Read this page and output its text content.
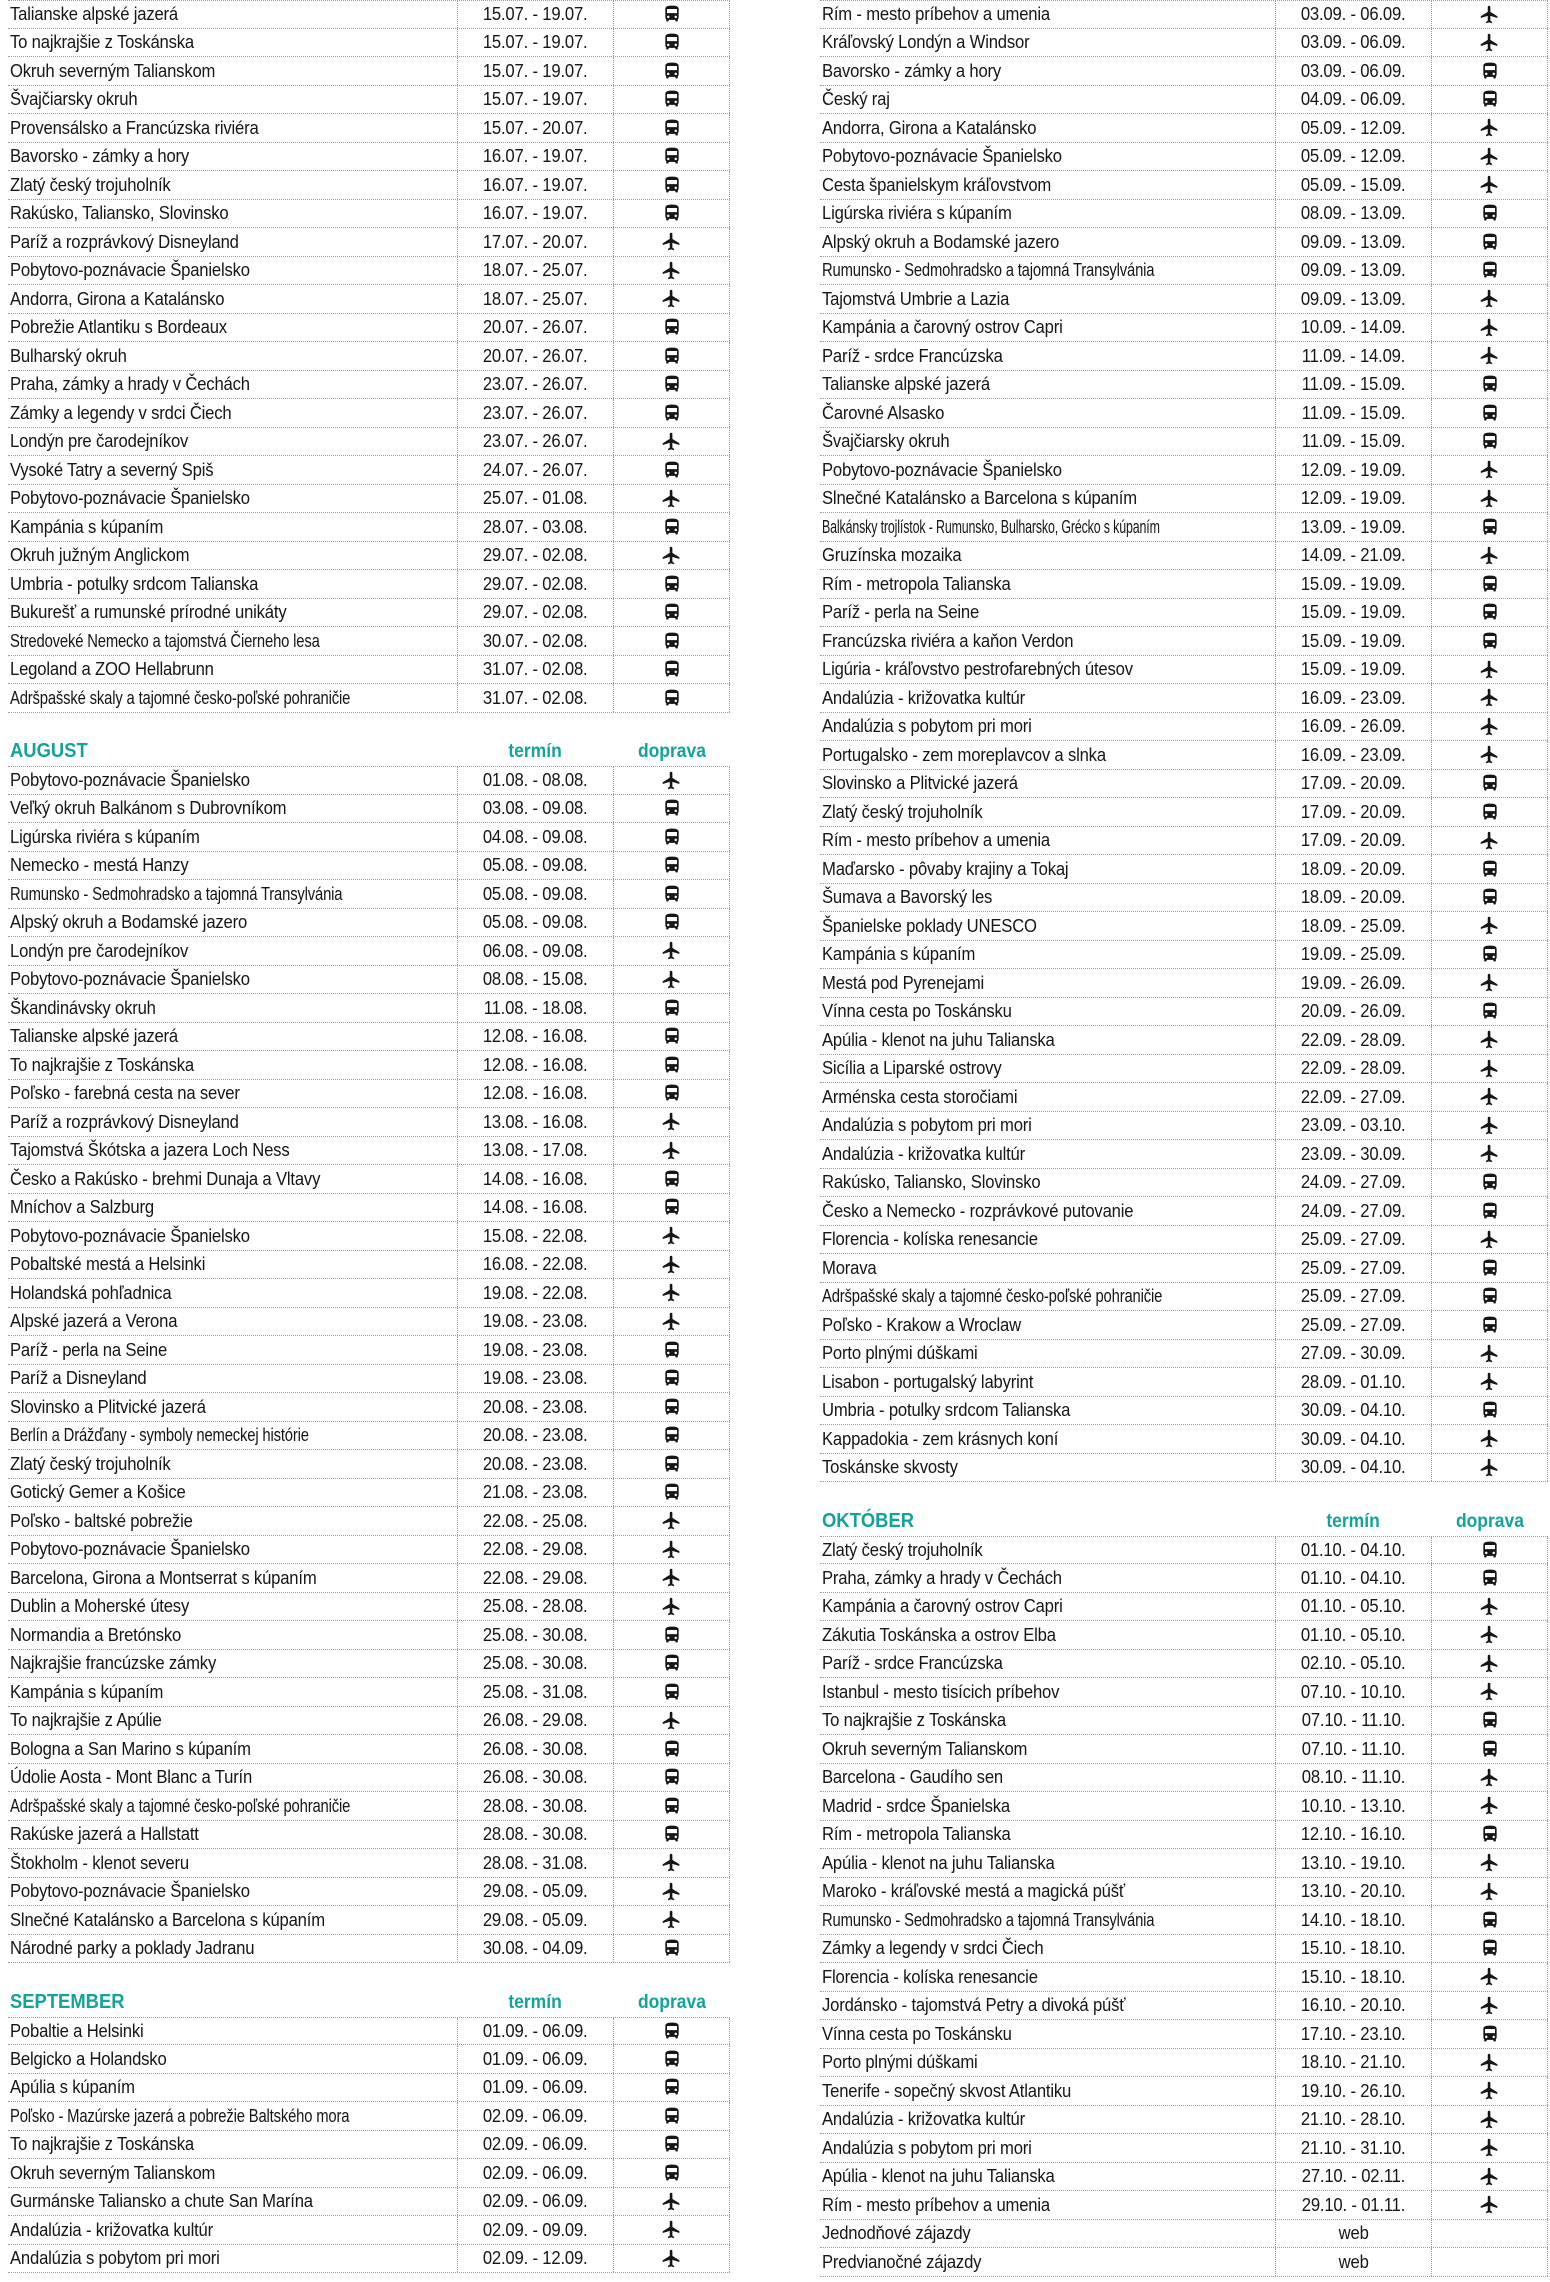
Talianske alpské jazerá	15.07. - 19.07.
To najkrajšie z Toskánska	15.07. - 19.07.
Okruh severným Talianskom	15.07. - 19.07.
Švajčiarsky okruh	15.07. - 19.07.
Provensálsko a Francúzska riviéra	15.07. - 20.07.
Bavorsko - zámky a hory	16.07. - 19.07.
Zlatý český trojuholník	16.07. - 19.07.
Rakúsko, Taliansko, Slovinsko	16.07. - 19.07.
Paríž a rozprávkový Disneyland	17.07. - 20.07.
Pobytovo-poznávacie Španielsko	18.07. - 25.07.
Andorra, Girona a Katalánsko	18.07. - 25.07.
Pobrežie Atlantiku s Bordeaux	20.07. - 26.07.
Bulharský okruh	20.07. - 26.07.
Praha, zámky a hrady v Čechách	23.07. - 26.07.
Zámky a legendy v srdci Čiech	23.07. - 26.07.
Londýn pre čarodejníkov	23.07. - 26.07.
Vysoké Tatry a severný Spiš	24.07. - 26.07.
Pobytovo-poznávacie Španielsko	25.07. - 01.08.
Kampánia s kúpaním	28.07. - 03.08.
Okruh južným Anglickom	29.07. - 02.08.
Umbria - potulky srdcom Talianska	29.07. - 02.08.
Bukurešť a rumunské prírodné unikáty	29.07. - 02.08.
Stredoveké Nemecko a tajomstvá Čierneho lesa	30.07. - 02.08.
Legoland a ZOO Hellabrunn	31.07. - 02.08.
Adršpašské skaly a tajomné česko-poľské pohraničie	31.07. - 02.08.
AUGUST	termín	doprava
Pobytovo-poznávacie Španielsko	01.08. - 08.08.
Veľký okruh Balkánom s Dubrovníkom	03.08. - 09.08.
Ligúrska riviéra s kúpaním	04.08. - 09.08.
Nemecko - mestá Hanzy	05.08. - 09.08.
Rumunsko - Sedmohradsko a tajomná Transylvánia	05.08. - 09.08.
Alpský okruh a Bodamské jazero	05.08. - 09.08.
Londýn pre čarodejníkov	06.08. - 09.08.
Pobytovo-poznávacie Španielsko	08.08. - 15.08.
Škandinávsky okruh	11.08. - 18.08.
Talianske alpské jazerá	12.08. - 16.08.
To najkrajšie z Toskánska	12.08. - 16.08.
Poľsko - farebná cesta na sever	12.08. - 16.08.
Paríž a rozprávkový Disneyland	13.08. - 16.08.
Tajomstvá Škótska a jazera Loch Ness	13.08. - 17.08.
Česko a Rakúsko - brehmi Dunaja a Vltavy	14.08. - 16.08.
Mníchov a Salzburg	14.08. - 16.08.
Pobytovo-poznávacie Španielsko	15.08. - 22.08.
Pobaltské mestá a Helsinki	16.08. - 22.08.
Holandská pohľadnica	19.08. - 22.08.
Alpské jazerá a Verona	19.08. - 23.08.
Paríž - perla na Seine	19.08. - 23.08.
Paríž a Disneyland	19.08. - 23.08.
Slovinsko a Plitvické jazerá	20.08. - 23.08.
Berlín a Drážďany - symboly nemeckej histórie	20.08. - 23.08.
Zlatý český trojuholník	20.08. - 23.08.
Gotický Gemer a Košice	21.08. - 23.08.
Poľsko - baltské pobrežie	22.08. - 25.08.
Pobytovo-poznávacie Španielsko	22.08. - 29.08.
Barcelona, Girona a Montserrat s kúpaním	22.08. - 29.08.
Dublin a Moherské útesy	25.08. - 28.08.
Normandia a Bretónsko	25.08. - 30.08.
Najkrajšie francúzske zámky	25.08. - 30.08.
Kampánia s kúpaním	25.08. - 31.08.
To najkrajšie z Apúlie	26.08. - 29.08.
Bologna a San Marino s kúpaním	26.08. - 30.08.
Údolie Aosta - Mont Blanc a Turín	26.08. - 30.08.
Adršpašské skaly a tajomné česko-poľské pohraničie	28.08. - 30.08.
Rakúske jazerá a Hallstatt	28.08. - 30.08.
Štokholm - klenot severu	28.08. - 31.08.
Pobytovo-poznávacie Španielsko	29.08. - 05.09.
Slnečné Katalánsko a Barcelona s kúpaním	29.08. - 05.09.
Národné parky a poklady Jadranu	30.08. - 04.09.
SEPTEMBER	termín	doprava
Pobaltie a Helsinki	01.09. - 06.09.
Belgicko a Holandsko	01.09. - 06.09.
Apúlia s kúpaním	01.09. - 06.09.
Poľsko - Mazúrske jazerá a pobrežie Baltského mora	02.09. - 06.09.
To najkrajšie z Toskánska	02.09. - 06.09.
Okruh severným Talianskom	02.09. - 06.09.
Gurmánske Taliansko a chute San Marína	02.09. - 06.09.
Andalúzia - križovatka kultúr	02.09. - 09.09.
Andalúzia s pobytom pri mori	02.09. - 12.09.
Rím - mesto príbehov a umenia	03.09. - 06.09.
Kráľovský Londýn a Windsor	03.09. - 06.09.
Bavorsko - zámky a hory	03.09. - 06.09.
Český raj	04.09. - 06.09.
Andorra, Girona a Katalánsko	05.09. - 12.09.
Pobytovo-poznávacie Španielsko	05.09. - 12.09.
Cesta španielskym kráľovstvom	05.09. - 15.09.
Ligúrska riviéra s kúpaním	08.09. - 13.09.
Alpský okruh a Bodamské jazero	09.09. - 13.09.
Rumunsko - Sedmohradsko a tajomná Transylvánia	09.09. - 13.09.
Tajomstvá Umbrie a Lazia	09.09. - 13.09.
Kampánia a čarovný ostrov Capri	10.09. - 14.09.
Paríž - srdce Francúzska	11.09. - 14.09.
Talianske alpské jazerá	11.09. - 15.09.
Čarovné Alsasko	11.09. - 15.09.
Švajčiarsky okruh	11.09. - 15.09.
Pobytovo-poznávacie Španielsko	12.09. - 19.09.
Slnečné Katalánsko a Barcelona s kúpaním	12.09. - 19.09.
Balkánsky trojlístok - Rumunsko, Bulharsko, Grécko s kúpaním	13.09. - 19.09.
Gruzínska mozaika	14.09. - 21.09.
Rím - metropola Talianska	15.09. - 19.09.
Paríž - perla na Seine	15.09. - 19.09.
Francúzska riviéra a kaňon Verdon	15.09. - 19.09.
Ligúria - kráľovstvo pestrofarebných útesov	15.09. - 19.09.
Andalúzia - križovatka kultúr	16.09. - 23.09.
Andalúzia s pobytom pri mori	16.09. - 26.09.
Portugalsko - zem moreplavcov a slnka	16.09. - 23.09.
Slovinsko a Plitvické jazerá	17.09. - 20.09.
Zlatý český trojuholník	17.09. - 20.09.
Rím - mesto príbehov a umenia	17.09. - 20.09.
Maďarsko - pôvaby krajiny a Tokaj	18.09. - 20.09.
Šumava a Bavorský les	18.09. - 20.09.
Španielske poklady UNESCO	18.09. - 25.09.
Kampánia s kúpaním	19.09. - 25.09.
Mestá pod Pyrenejami	19.09. - 26.09.
Vínna cesta po Toskánsku	20.09. - 26.09.
Apúlia - klenot na juhu Talianska	22.09. - 28.09.
Sicília a Liparské ostrovy	22.09. - 28.09.
Arménska cesta storočiami	22.09. - 27.09.
Andalúzia s pobytom pri mori	23.09. - 03.10.
Andalúzia - križovatka kultúr	23.09. - 30.09.
Rakúsko, Taliansko, Slovinsko	24.09. - 27.09.
Česko a Nemecko - rozprávkové putovanie	24.09. - 27.09.
Florencia - kolíska renesancie	25.09. - 27.09.
Morava	25.09. - 27.09.
Adršpašské skaly a tajomné česko-poľské pohraničie	25.09. - 27.09.
Poľsko - Krakow a Wroclaw	25.09. - 27.09.
Porto plnými dúškami	27.09. - 30.09.
Lisabon - portugalský labyrint	28.09. - 01.10.
Umbria - potulky srdcom Talianska	30.09. - 04.10.
Kappadokia - zem krásnych koní	30.09. - 04.10.
Toskánske skvosty	30.09. - 04.10.
OKTÓBER	termín	doprava
Zlatý český trojuholník	01.10. - 04.10.
Praha, zámky a hrady v Čechách	01.10. - 04.10.
Kampánia a čarovný ostrov Capri	01.10. - 05.10.
Zákutia Toskánska a ostrov Elba	01.10. - 05.10.
Paríž - srdce Francúzska	02.10. - 05.10.
Istanbul - mesto tisícich príbehov	07.10. - 10.10.
To najkrajšie z Toskánska	07.10. - 11.10.
Okruh severným Talianskom	07.10. - 11.10.
Barcelona - Gaudího sen	08.10. - 11.10.
Madrid - srdce Španielska	10.10. - 13.10.
Rím - metropola Talianska	12.10. - 16.10.
Apúlia - klenot na juhu Talianska	13.10. - 19.10.
Maroko - kráľovské mestá a magická púšť	13.10. - 20.10.
Rumunsko - Sedmohradsko a tajomná Transylvánia	14.10. - 18.10.
Zámky a legendy v srdci Čiech	15.10. - 18.10.
Florencia - kolíska renesancie	15.10. - 18.10.
Jordánsko - tajomstvá Petry a divoká púšť	16.10. - 20.10.
Vínna cesta po Toskánsku	17.10. - 23.10.
Porto plnými dúškami	18.10. - 21.10.
Tenerife - sopečný skvost Atlantiku	19.10. - 26.10.
Andalúzia - križovatka kultúr	21.10. - 28.10.
Andalúzia s pobytom pri mori	21.10. - 31.10.
Apúlia - klenot na juhu Talianska	27.10. - 02.11.
Rím - mesto príbehov a umenia	29.10. - 01.11.
Jednodňové zájazdy	web
Predvianočné zájazdy	web
